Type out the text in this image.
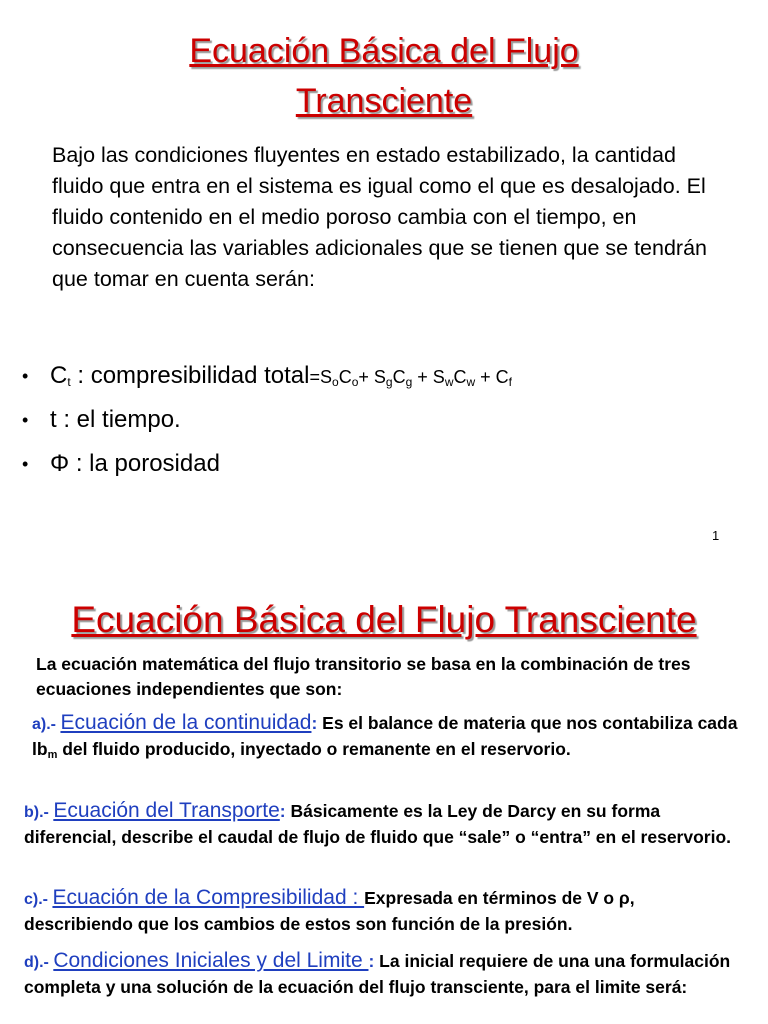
Ecuación Básica del Flujo
Transciente
Bajo las condiciones fluyentes en estado estabilizado, la cantidad fluido que entra en el sistema es igual como el que es desalojado. El fluido contenido en el medio poroso cambia con el tiempo, en consecuencia las variables adicionales que se tienen que se tendrán que tomar en cuenta serán:
• $C_t$ : compresibilidad $total=S_oC_o+ S_gC_g + S_wC_w + C_f$
• t : el tiempo.
• Φ : la porosidad
1
Ecuación Básica del Flujo Transciente
La ecuación matemática del flujo transitorio se basa en la combinación de tres ecuaciones independientes que son:
a).- Ecuación de la continuidad: Es el balance de materia que nos contabiliza cada $lb_m$ del fluido producido, inyectado o remanente en el reservorio.
b).- Ecuación del Transporte: Básicamente es la Ley de Darcy en su forma diferencial, describe el caudal de flujo de fluido que “sale” o “entra” en el reservorio.
c).- Ecuación de la Compresibilidad : Expresada en términos de V o ρ, describiendo que los cambios de estos son función de la presión.
d).- Condiciones Iniciales y del Limite : La inicial requiere de una una formulación completa y una solución de la ecuación del flujo transciente, para el limite será:
